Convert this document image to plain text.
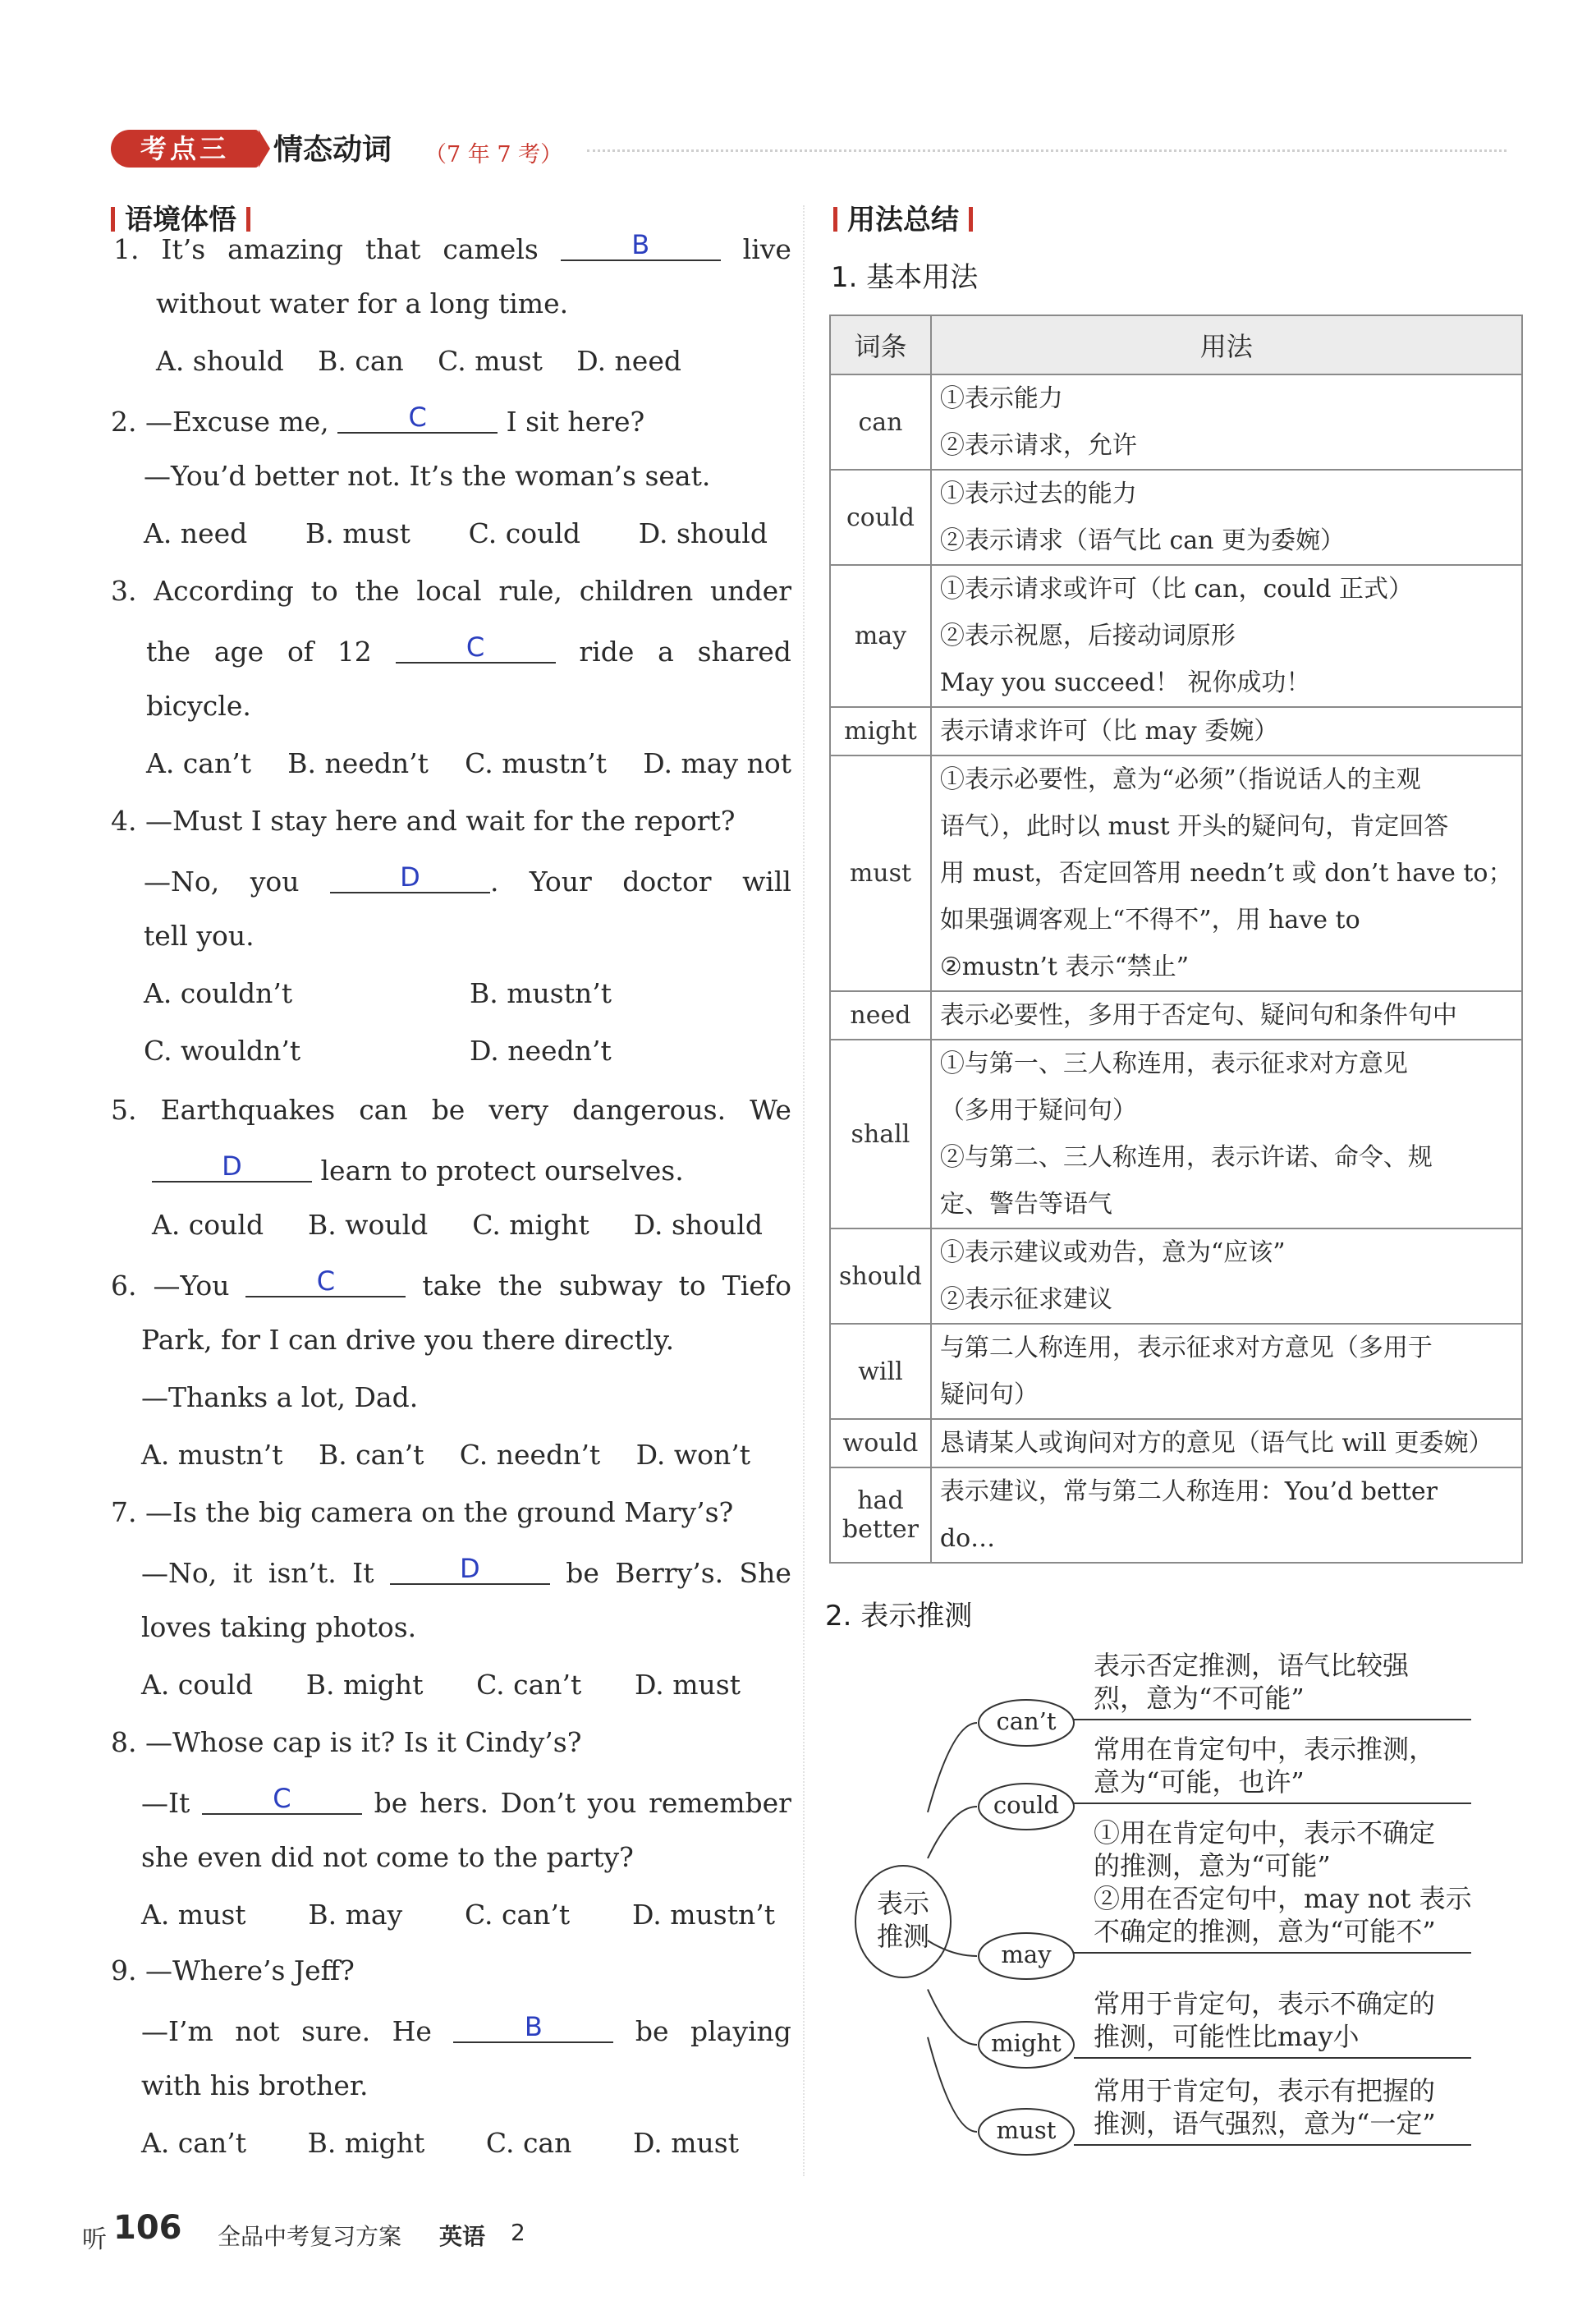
考点三	情态动词 （7 年 7 考）
语境体悟
1. It’s amazing that camels	B	live
without water for a long time.
A. should B. can C. must D. need
2. —Excuse me,	C	I sit here?
—You’d better not. It’s the woman’s seat.
A. need B. must C. could D. should
3. According to the local rule, children under
the age of 12	C	ride a shared
bicycle.
A. can’t B. needn’t C. mustn’t D. may not
4. —Must I stay here and wait for the report?
—No, you	D	. Your doctor will
tell you.
A. couldn’t	B. mustn’t
C. wouldn’t	D. needn’t
5. Earthquakes can be very dangerous. We
D	learn to protect ourselves.
A. could B. would C. might D. should
6. —You	C	take the subway to Tiefo
Park, for I can drive you there directly.
—Thanks a lot, Dad.
A. mustn’t B. can’t C. needn’t D. won’t
7. —Is the big camera on the ground Mary’s?
—No, it isn’t. It	D	be Berry’s. She
loves taking photos.
A. could B. might C. can’t D. must
8. —Whose cap is it? Is it Cindy’s?
—It	C	be hers. Don’t you remember
she even did not come to the party?
A. must B. may C. can’t D. mustn’t
9. —Where’s Jeff?
—I’m not sure. He	B	be playing
with his brother.
A. can’t B. might C. can D. must
用法总结
1. 基本用法
词条	用法
can	①表示能力
②表示请求，允许

could	①表示过去的能力
②表示请求（语气比 can 更为委婉）

may	①表示请求或许可（比 can，could 正式）
②表示祝愿，后接动词原形
May you succeed！ 祝你成功！

might	表示请求许可（比 may 委婉）

must	①表示必要性，意为“必须”（指说话人的主观
语气），此时以 must 开头的疑问句，肯定回答
用 must，否定回答用 needn’t 或 don’t have to；
如果强调客观上“不得不”，用 have to
②mustn’t 表示“禁止”

need	表示必要性，多用于否定句、疑问句和条件句中

shall	①与第一、三人称连用，表示征求对方意见
（多用于疑问句）
②与第二、三人称连用，表示许诺、命令、规
定、警告等语气

should	①表示建议或劝告，意为“应该”
②表示征求建议

will	与第二人称连用，表示征求对方意见（多用于
疑问句）

would	恳请某人或询问对方的意见（语气比 will 更委婉）

had better	表示建议，常与第二人称连用：You’d better
do…
2. 表示推测
can’t
表示否定推测，语气比较强
烈，意为“不可能”
could
常用在肯定句中，表示推测，
意为“可能，也许”
may
①用在肯定句中，表示不确定
的推测，意为“可能”
②用在否定句中，may not 表示
不确定的推测，意为“可能不”
might
常用于肯定句，表示不确定的
推测，可能性比may小
must
常用于肯定句，表示有把握的
推测，语气强烈，意为“一定”
表示
推测
听 106 全品中考复习方案 英语 2
